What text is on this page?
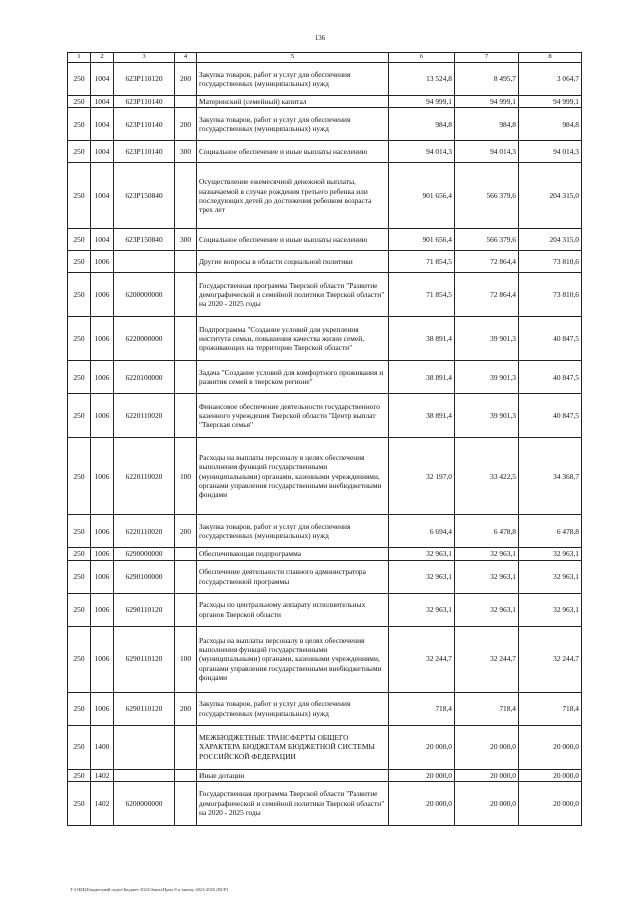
136
1	2	3	4	5	6	7	8
250	1004	623P110120	200	Закупка товаров, работ и услуг для обеспечения государственных (муниципальных) нужд	13 524,8	8 495,7	3 064,7
250	1004	623P110140		Материнский (семейный) капитал	94 999,1	94 999,1	94 999,1
250	1004	623P110140	200	Закупка товаров, работ и услуг для обеспечения государственных (муниципальных) нужд	984,8	984,8	984,8
250	1004	623P110140	300	Социальное обеспечение и иные выплаты населению	94 014,3	94 014,3	94 014,3
250	1004	623P150840		Осуществление ежемесячной денежной выплаты, назначаемой в случае рождения третьего ребенка или последующих детей до достижения ребенком возраста трех лет	901 656,4	566 379,6	204 315,0
250	1004	623P150840	300	Социальное обеспечение и иные выплаты населению	901 656,4	566 379,6	204 315,0
250	1006			Другие вопросы в области социальной политики	71 854,5	72 864,4	73 810,6
250	1006	6200000000		Государственная программа Тверской области "Развитие демографической и семейной политики Тверской области" на 2020 - 2025 годы	71 854,5	72 864,4	73 810,6
250	1006	6220000000		Подпрограмма "Создание условий для укрепления института семьи, повышения качества жизни семей, проживающих на территории Тверской области"	38 891,4	39 901,3	40 847,5
250	1006	6220100000		Задача "Создание условий для комфортного проживания и развития семей в тверском регионе"	38 891,4	39 901,3	40 847,5
250	1006	6220110020		Финансовое обеспечение деятельности государственного казенного учреждения Тверской области "Центр выплат "Тверская семья"	38 891,4	39 901,3	40 847,5
250	1006	6220110020	100	Расходы на выплаты персоналу в целях обеспечения выполнения функций государственными (муниципальными) органами, казенными учреждениями, органами управления государственными внебюджетными фондами	32 197,0	33 422,5	34 368,7
250	1006	6220110020	200	Закупка товаров, работ и услуг для обеспечения государственных (муниципальных) нужд	6 694,4	6 478,8	6 478,8
250	1006	6290000000		Обеспечивающая подпрограмма	32 963,1	32 963,1	32 963,1
250	1006	6290100000		Обеспечение деятельности главного администратора государственной программы	32 963,1	32 963,1	32 963,1
250	1006	6290110120		Расходы по центральному аппарату исполнительных органов Тверской области	32 963,1	32 963,1	32 963,1
250	1006	6290110120	100	Расходы на выплаты персоналу в целях обеспечения выполнения функций государственными (муниципальными) органами, казенными учреждениями, органами управления государственными внебюджетными фондами	32 244,7	32 244,7	32 244,7
250	1006	6290110120	200	Закупка товаров, работ и услуг для обеспечения государственных (муниципальных) нужд	718,4	718,4	718,4
250	1400			МЕЖБЮДЖЕТНЫЕ ТРАНСФЕРТЫ ОБЩЕГО ХАРАКТЕРА БЮДЖЕТАМ БЮДЖЕТНОЙ СИСТЕМЫ РОССИЙСКОЙ ФЕДЕРАЦИИ	20 000,0	20 000,0	20 000,0
250	1402			Иные дотации	20 000,0	20 000,0	20 000,0
250	1402	6200000000		Государственная программа Тверской области "Развитие демографической и семейной политики Тверской области" на 2020 - 2025 годы	20 000,0	20 000,0	20 000,0
T:\ОБЩ\Бюджетный отдел\Бюджет 2023\Закон\Прил 8 к закону 2023-2025 (ВСР)
